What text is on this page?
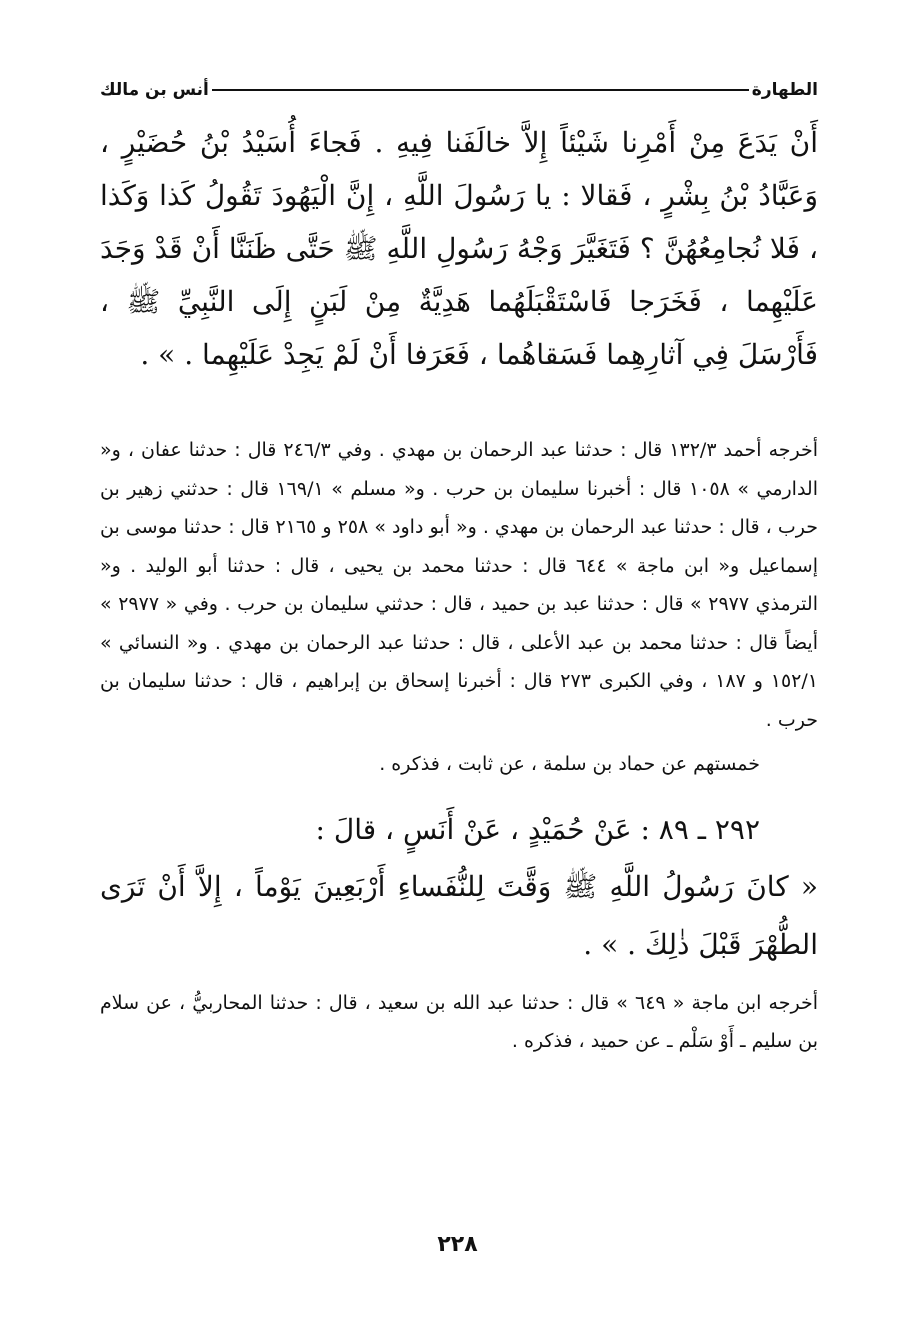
الطهارة
أنس بن مالك

أَنْ يَدَعَ مِنْ أَمْرِنا شَيْئاً إِلاَّ خالَفَنا فِيهِ . فَجاءَ أُسَيْدُ بْنُ حُضَيْرٍ ، وَعَبَّادُ بْنُ بِشْرٍ ، فَقالا : يا رَسُولَ اللَّهِ ، إِنَّ الْيَهُودَ تَقُولُ كَذا وَكَذا ، فَلا نُجامِعُهُنَّ ؟ فَتَغَيَّرَ وَجْهُ رَسُولِ اللَّهِ ﷺ حَتَّى ظَنَنَّا أَنْ قَدْ وَجَدَ عَلَيْهِما ، فَخَرَجا فَاسْتَقْبَلَهُما هَدِيَّةٌ مِنْ لَبَنٍ إِلَى النَّبِيِّ ﷺ ، فَأَرْسَلَ فِي آثارِهِما فَسَقاهُما ، فَعَرَفا أَنْ لَمْ يَجِدْ عَلَيْهِما . » .

أخرجه أحمد ١٣٢/٣ قال : حدثنا عبد الرحمان بن مهدي . وفي ٢٤٦/٣ قال : حدثنا عفان ، و« الدارمي » ١٠٥٨ قال : أخبرنا سليمان بن حرب . و« مسلم » ١٦٩/١ قال : حدثني زهير بن حرب ، قال : حدثنا عبد الرحمان بن مهدي . و« أبو داود » ٢٥٨ و ٢١٦٥ قال : حدثنا موسى بن إسماعيل و« ابن ماجة » ٦٤٤ قال : حدثنا محمد بن يحيى ، قال : حدثنا أبو الوليد . و« الترمذي ٢٩٧٧ » قال : حدثنا عبد بن حميد ، قال : حدثني سليمان بن حرب . وفي « ٢٩٧٧ » أيضاً قال : حدثنا محمد بن عبد الأعلى ، قال : حدثنا عبد الرحمان بن مهدي . و« النسائي » ١٥٢/١ و ١٨٧ ، وفي الكبرى ٢٧٣ قال : أخبرنا إسحاق بن إبراهيم ، قال : حدثنا سليمان بن حرب .

خمستهم عن حماد بن سلمة ، عن ثابت ، فذكره .

٢٩٢ ـ ٨٩ : عَنْ حُمَيْدٍ ، عَنْ أَنَسٍ ، قالَ :

« كانَ رَسُولُ اللَّهِ ﷺ وَقَّتَ لِلنُّفَساءِ أَرْبَعِينَ يَوْماً ، إِلاَّ أَنْ تَرَى الطُّهْرَ قَبْلَ ذٰلِكَ . » .

أخرجه ابن ماجة « ٦٤٩ » قال : حدثنا عبد الله بن سعيد ، قال : حدثنا المحاربيُّ ، عن سلام بن سليم ـ أَوْ سَلْم ـ عن حميد ، فذكره .

٢٢٨
